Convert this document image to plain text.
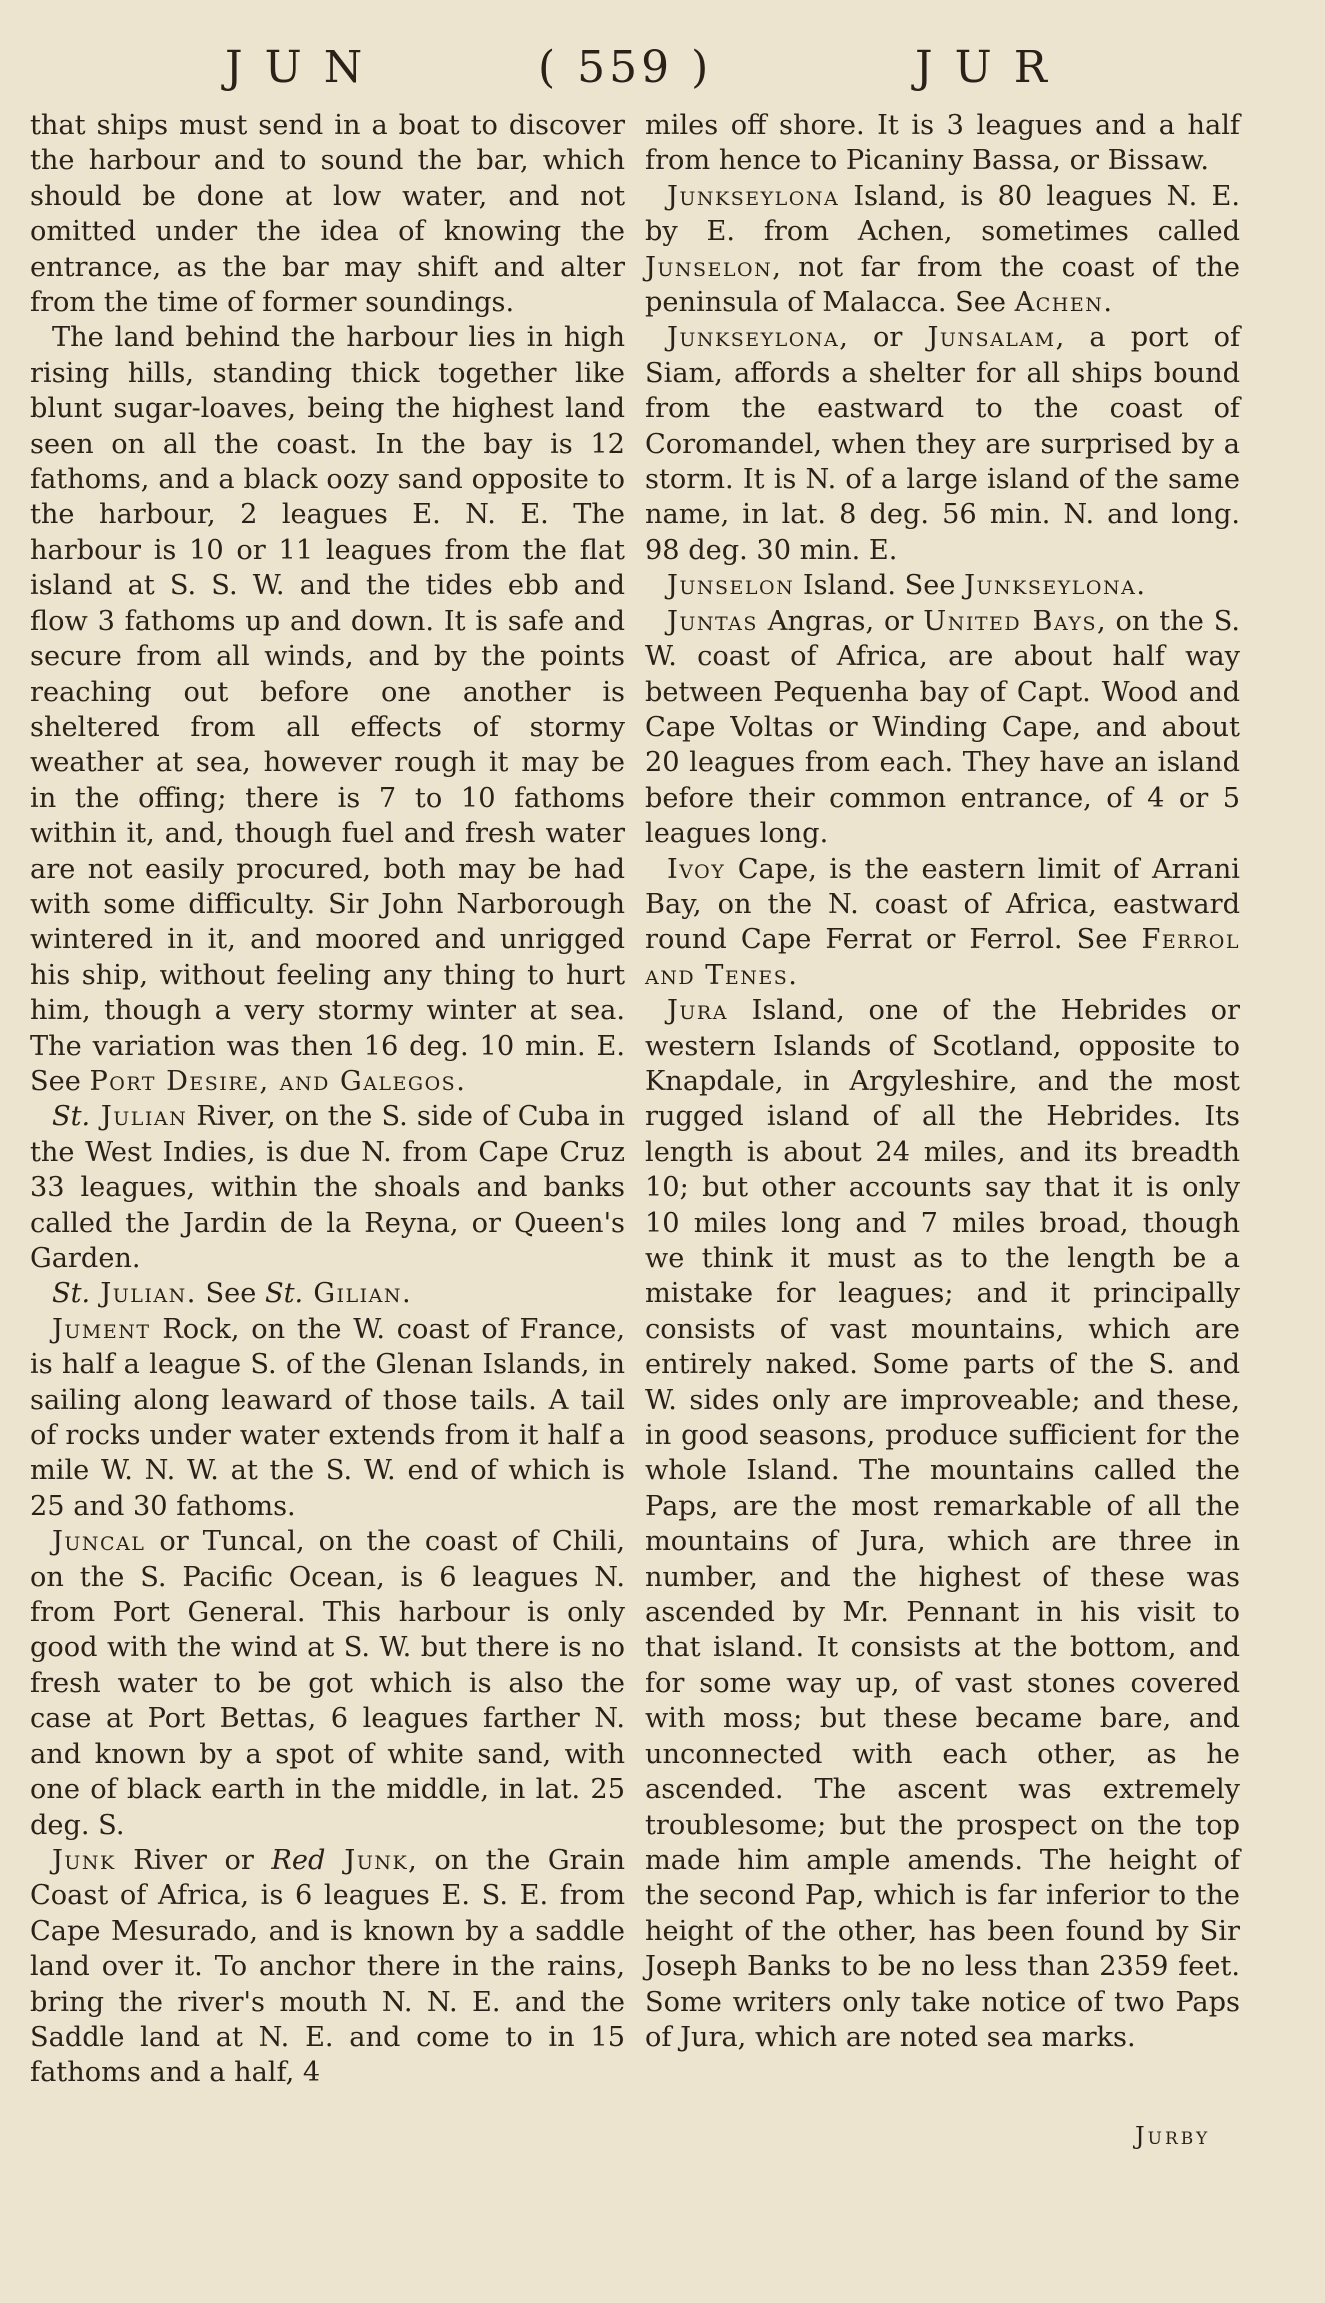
J U N	( 559 )	J U R

that ships must send in a boat to discover the harbour and to sound the bar, which should be done at low water, and not omitted under the idea of knowing the entrance, as the bar may shift and alter from the time of former soundings.

The land behind the harbour lies in high rising hills, standing thick together like blunt sugar-loaves, being the highest land seen on all the coast. In the bay is 12 fathoms, and a black oozy sand opposite to the harbour, 2 leagues E. N. E. The harbour is 10 or 11 leagues from the flat island at S. S. W. and the tides ebb and flow 3 fathoms up and down. It is safe and secure from all winds, and by the points reaching out before one another is sheltered from all effects of stormy weather at sea, however rough it may be in the offing; there is 7 to 10 fathoms within it, and, though fuel and fresh water are not easily procured, both may be had with some difficulty. Sir John Narborough wintered in it, and moored and unrigged his ship, without feeling any thing to hurt him, though a very stormy winter at sea. The variation was then 16 deg. 10 min. E. See Port Desire, and Galegos.

St. Julian River, on the S. side of Cuba in the West Indies, is due N. from Cape Cruz 33 leagues, within the shoals and banks called the Jardin de la Reyna, or Queen's Garden.

St. Julian. See St. Gilian.

Jument Rock, on the W. coast of France, is half a league S. of the Glenan Islands, in sailing along leaward of those tails. A tail of rocks under water extends from it half a mile W. N. W. at the S. W. end of which is 25 and 30 fathoms.

Juncal or Tuncal, on the coast of Chili, on the S. Pacific Ocean, is 6 leagues N. from Port General. This harbour is only good with the wind at S. W. but there is no fresh water to be got which is also the case at Port Bettas, 6 leagues farther N. and known by a spot of white sand, with one of black earth in the middle, in lat. 25 deg. S.

Junk River or Red Junk, on the Grain Coast of Africa, is 6 leagues E. S. E. from Cape Mesurado, and is known by a saddle land over it. To anchor there in the rains, bring the river's mouth N. N. E. and the Saddle land at N. E. and come to in 15 fathoms and a half, 4

miles off shore. It is 3 leagues and a half from hence to Picaniny Bassa, or Bissaw.

Junkseylona Island, is 80 leagues N. E. by E. from Achen, sometimes called Junselon, not far from the coast of the peninsula of Malacca. See Achen.

Junkseylona, or Junsalam, a port of Siam, affords a shelter for all ships bound from the eastward to the coast of Coromandel, when they are surprised by a storm. It is N. of a large island of the same name, in lat. 8 deg. 56 min. N. and long. 98 deg. 30 min. E.

Junselon Island. See Junkseylona.

Juntas Angras, or United Bays, on the S. W. coast of Africa, are about half way between Pequenha bay of Capt. Wood and Cape Voltas or Winding Cape, and about 20 leagues from each. They have an island before their common entrance, of 4 or 5 leagues long.

Ivoy Cape, is the eastern limit of Arrani Bay, on the N. coast of Africa, eastward round Cape Ferrat or Ferrol. See Ferrol and Tenes.

Jura Island, one of the Hebrides or western Islands of Scotland, opposite to Knapdale, in Argyleshire, and the most rugged island of all the Hebrides. Its length is about 24 miles, and its breadth 10; but other accounts say that it is only 10 miles long and 7 miles broad, though we think it must as to the length be a mistake for leagues; and it principally consists of vast mountains, which are entirely naked. Some parts of the S. and W. sides only are improveable; and these, in good seasons, produce sufficient for the whole Island. The mountains called the Paps, are the most remarkable of all the mountains of Jura, which are three in number, and the highest of these was ascended by Mr. Pennant in his visit to that island. It consists at the bottom, and for some way up, of vast stones covered with moss; but these became bare, and unconnected with each other, as he ascended. The ascent was extremely troublesome; but the prospect on the top made him ample amends. The height of the second Pap, which is far inferior to the height of the other, has been found by Sir Joseph Banks to be no less than 2359 feet. Some writers only take notice of two Paps of Jura, which are noted sea marks.

Jurby
